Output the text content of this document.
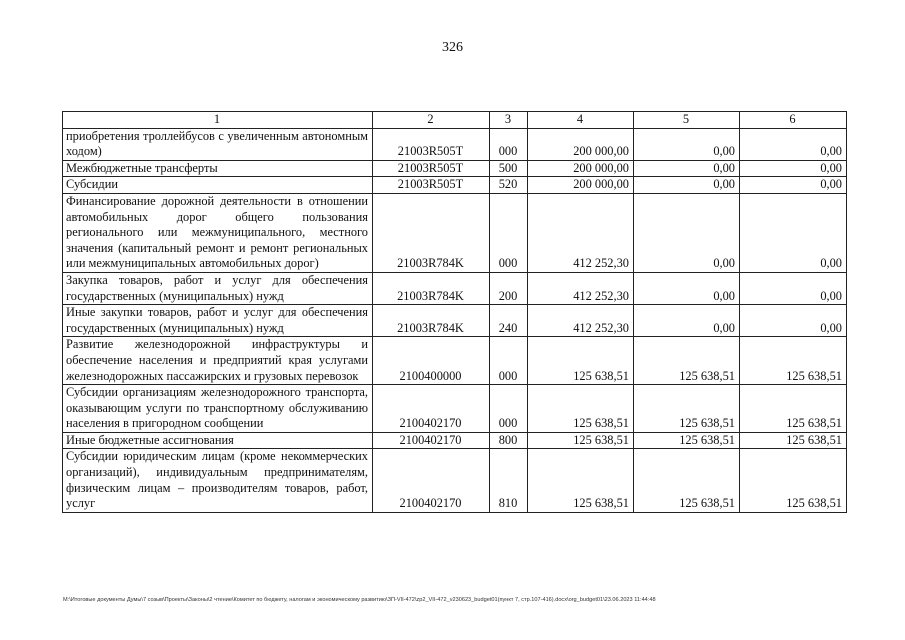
326
1	2	3	4	5	6
приобретения троллейбусов с увеличенным автономным ходом)	21003R505T	000	200 000,00	0,00	0,00
Межбюджетные трансферты	21003R505T	500	200 000,00	0,00	0,00
Субсидии	21003R505T	520	200 000,00	0,00	0,00
Финансирование дорожной деятельности в отношении автомобильных дорог общего пользования регионального или межмуниципального, местного значения (капитальный ремонт и ремонт региональных или межмуниципальных автомобильных дорог)	21003R784K	000	412 252,30	0,00	0,00
Закупка товаров, работ и услуг для обеспечения государственных (муниципальных) нужд	21003R784K	200	412 252,30	0,00	0,00
Иные закупки товаров, работ и услуг для обеспечения государственных (муниципальных) нужд	21003R784K	240	412 252,30	0,00	0,00
Развитие железнодорожной инфраструктуры и обеспечение населения и предприятий края услугами железнодорожных пассажирских и грузовых перевозок	2100400000	000	125 638,51	125 638,51	125 638,51
Субсидии организациям железнодорожного транспорта, оказывающим услуги по транспортному обслуживанию населения в пригородном сообщении	2100402170	000	125 638,51	125 638,51	125 638,51
Иные бюджетные ассигнования	2100402170	800	125 638,51	125 638,51	125 638,51
Субсидии юридическим лицам (кроме некоммерческих организаций), индивидуальным предпринимателям, физическим лицам – производителям товаров, работ, услуг	2100402170	810	125 638,51	125 638,51	125 638,51
М:\Итоговые документы Думы\7 созыв\Проекты\Законы\2 чтение\Комитет по бюджету, налогам и экономическому развитию\ЗП-VII-472\zp2_VII-472_v230623_budget01(пункт 7, стр.107-416).docx\org_budget01\23.06.2023 11:44:48
